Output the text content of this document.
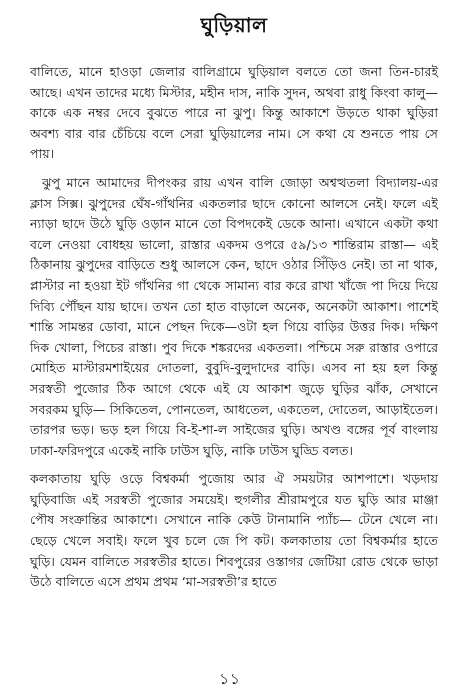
ঘুড়িয়াল

বালিতে, মানে হাওড়া জেলার বালিগ্রামে ঘুড়িয়াল বলতে তো জনা তিন-চারই আছে। এখন তাদের মধ্যে মিস্টার, মহীন দাস, নাকি সুদন, অথবা রাধু কিংবা কালু— কাকে এক নম্বর দেবে বুঝতে পারে না ঝুপু। কিন্তু আকাশে উড়তে থাকা ঘুড়িরা অবশ্য বার বার চেঁচিয়ে বলে সেরা ঘুড়িয়ালের নাম। সে কথা যে শুনতে পায় সে পায়।

ঝুপু মানে আমাদের দীপংকর রায় এখন বালি জোড়া অশ্বত্থতলা বিদ্যালয়-এর ক্লাস সিক্স। ঝুপুদের ঘেঁষ-গাঁথনির একতলার ছাদে কোনো আলসে নেই। ফলে এই ন্যাড়া ছাদে উঠে ঘুড়ি ওড়ান মানে তো বিপদকেই ডেকে আনা। এখানে একটা কথা বলে নেওয়া বোধহয় ভালো, রাস্তার একদম ওপরে ৫৯/১৩ শান্তিরাম রাস্তা— এই ঠিকানায় ঝুপুদের বাড়িতে শুধু আলসে কেন, ছাদে ওঠার সিঁড়িও নেই। তা না থাক, প্লাস্টার না হওয়া ইট গাঁথনির গা থেকে সামান্য বার করে রাখা খাঁজে পা দিয়ে দিয়ে দিব্যি পৌঁছন যায় ছাদে। তখন তো হাত বাড়ালে অনেক, অনেকটা আকাশ। পাশেই শান্তি সামন্তর ডোবা, মানে পেছন দিকে—ওটা হল গিয়ে বাড়ির উত্তর দিক। দক্ষিণ দিক খোলা, পিচের রাস্তা। পুব দিকে শঙ্করদের একতলা। পশ্চিমে সরু রাস্তার ওপারে মোহিত মাস্টারমশাইয়ের দোতলা, বুবুদি-বুলুদাদের বাড়ি। এসব না হয় হল কিন্তু সরস্বতী পুজোর ঠিক আগে থেকে এই যে আকাশ জুড়ে ঘুড়ির ঝাঁক, সেখানে সবরকম ঘুড়ি— সিকিতেল, পোনতেল, আধতেল, একতেল, দোতেল, আড়াইতেল। তারপর ভড়। ভড় হল গিয়ে বি-ই-শা-ল সাইজের ঘুড়ি। অখণ্ড বঙ্গের পূর্ব বাংলায় ঢাকা-ফরিদপুরে একেই নাকি ঢাউস ঘুড়ি, নাকি ঢাউস ঘুড্ডি বলত।

কলকাতায় ঘুড়ি ওড়ে বিশ্বকর্মা পুজোয় আর ঐ সময়টার আশপাশে। খড়দায় ঘুড়িবাজি এই সরস্বতী পুজোর সময়েই। হুগলীর শ্রীরামপুরে যত ঘুড়ি আর মাঞ্জা পৌষ সংক্রান্তির আকাশে। সেখানে নাকি কেউ টানামানি প্যাঁচ— টেনে খেলে না। ছেড়ে খেলে সবাই। ফলে খুব চলে জে পি কট। কলকাতায় তো বিশ্বকর্মার হাতে ঘুড়ি। যেমন বালিতে সরস্বতীর হাতে। শিবপুরের ওস্তাগর জেটিয়া রোড থেকে ভাড়া উঠে বালিতে এসে প্রথম প্রথম ‘মা-সরস্বতী’র হাতে

১১
